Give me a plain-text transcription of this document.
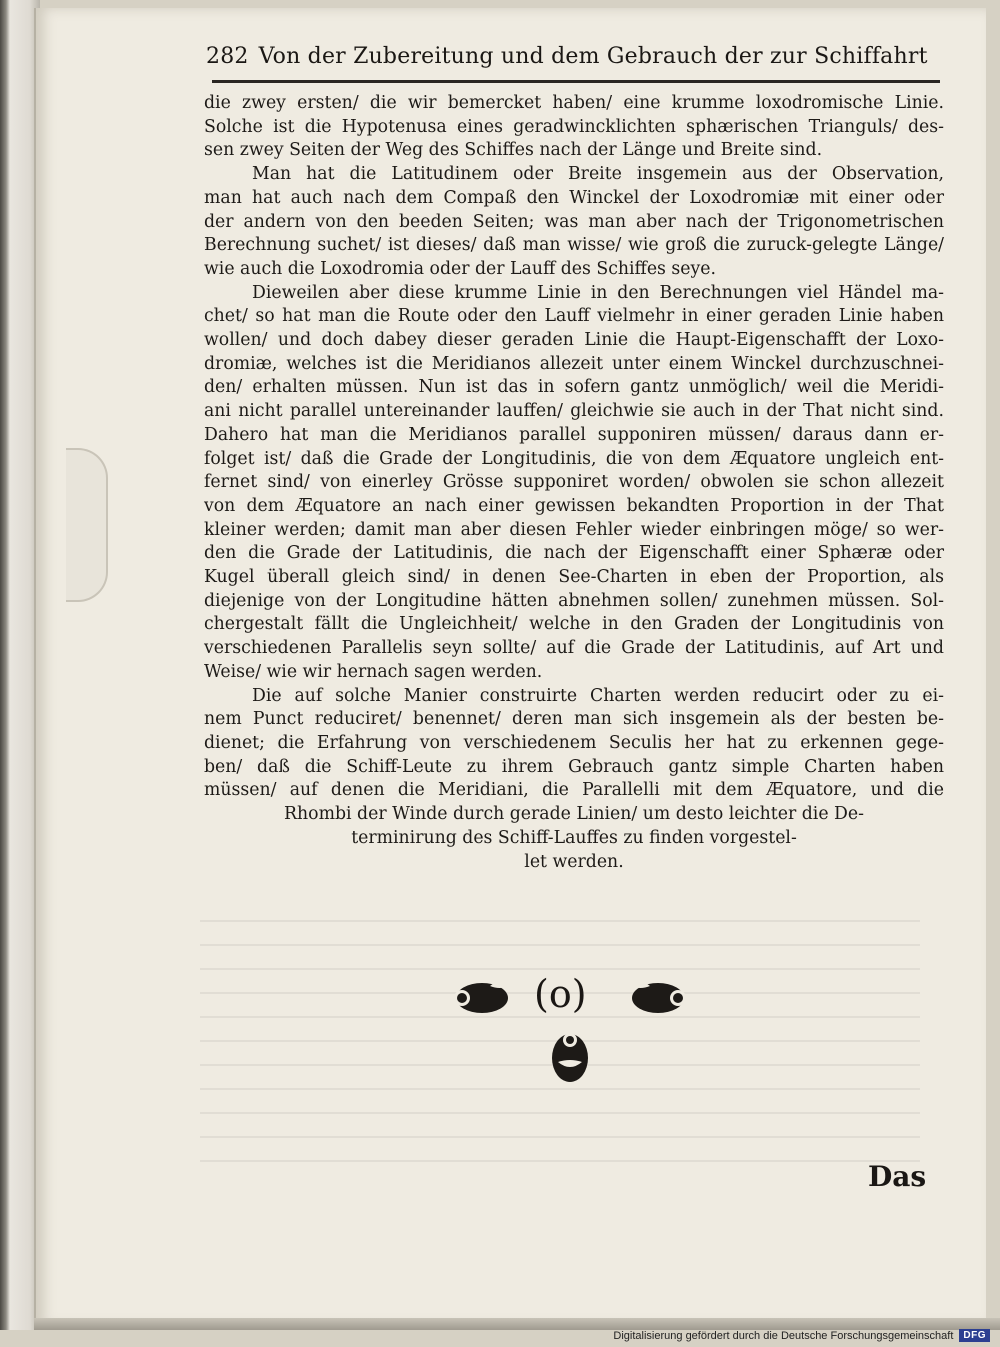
282 Von der Zubereitung und dem Gebrauch der zur Schiffahrt
die zwey ersten/ die wir bemercket haben/ eine krumme loxodromische Linie.
Solche ist die Hypotenusa eines geradwincklichten sphærischen Trianguls/ des-
sen zwey Seiten der Weg des Schiffes nach der Länge und Breite sind.
Man hat die Latitudinem oder Breite insgemein aus der Observation,
man hat auch nach dem Compaß den Winckel der Loxodromiæ mit einer oder
der andern von den beeden Seiten; was man aber nach der Trigonometrischen
Berechnung suchet/ ist dieses/ daß man wisse/ wie groß die zuruck-gelegte Länge/
wie auch die Loxodromia oder der Lauff des Schiffes seye.
Dieweilen aber diese krumme Linie in den Berechnungen viel Händel ma-
chet/ so hat man die Route oder den Lauff vielmehr in einer geraden Linie haben
wollen/ und doch dabey dieser geraden Linie die Haupt-Eigenschafft der Loxo-
dromiæ, welches ist die Meridianos allezeit unter einem Winckel durchzuschnei-
den/ erhalten müssen. Nun ist das in sofern gantz unmöglich/ weil die Meridi-
ani nicht parallel untereinander lauffen/ gleichwie sie auch in der That nicht sind.
Dahero hat man die Meridianos parallel supponiren müssen/ daraus dann er-
folget ist/ daß die Grade der Longitudinis, die von dem Æquatore ungleich ent-
fernet sind/ von einerley Grösse supponiret worden/ obwolen sie schon allezeit
von dem Æquatore an nach einer gewissen bekandten Proportion in der That
kleiner werden; damit man aber diesen Fehler wieder einbringen möge/ so wer-
den die Grade der Latitudinis, die nach der Eigenschafft einer Sphæræ oder
Kugel überall gleich sind/ in denen See-Charten in eben der Proportion, als
diejenige von der Longitudine hätten abnehmen sollen/ zunehmen müssen. Sol-
chergestalt fällt die Ungleichheit/ welche in den Graden der Longitudinis von
verschiedenen Parallelis seyn sollte/ auf die Grade der Latitudinis, auf Art und
Weise/ wie wir hernach sagen werden.
Die auf solche Manier construirte Charten werden reducirt oder zu ei-
nem Punct reduciret/ benennet/ deren man sich insgemein als der besten be-
dienet; die Erfahrung von verschiedenem Seculis her hat zu erkennen gege-
ben/ daß die Schiff-Leute zu ihrem Gebrauch gantz simple Charten haben
müssen/ auf denen die Meridiani, die Parallelli mit dem Æquatore, und die
Rhombi der Winde durch gerade Linien/ um desto leichter die De-
terminirung des Schiff-Lauffes zu finden vorgestel-
let werden.
(o)
Das
Digitalisierung gefördert durch die Deutsche Forschungsgemeinschaft	DFG
